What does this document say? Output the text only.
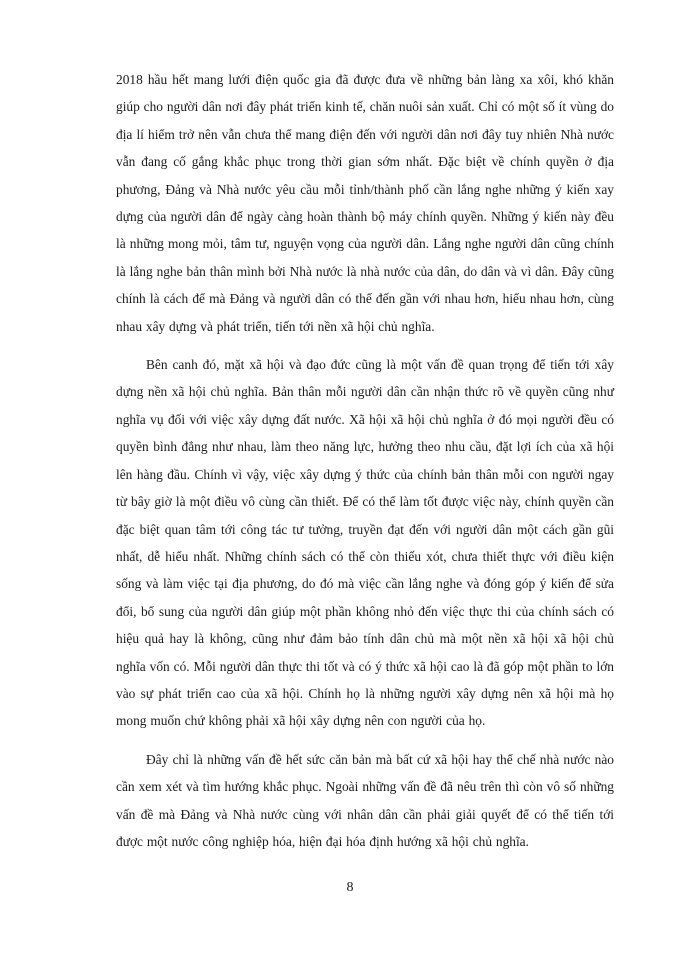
2018 hầu hết mang lưới điện quốc gia đã được đưa về những bản làng xa xôi, khó khăn giúp cho người dân nơi đây phát triển kinh tế, chăn nuôi sản xuất. Chỉ có một số ít vùng do địa lí hiểm trở nên vẫn chưa thể mang điện đến với người dân nơi đây tuy nhiên Nhà nước vẫn đang cố gắng khắc phục trong thời gian sớm nhất. Đặc biệt về chính quyền ở địa phương, Đảng và Nhà nước yêu cầu mỗi tỉnh/thành phố cần lắng nghe những ý kiến xay dựng của người dân để ngày càng hoàn thành bộ máy chính quyền. Những ý kiến này đều là những mong mỏi, tâm tư, nguyện vọng của người dân. Lắng nghe người dân cũng chính là lắng nghe bản thân mình bởi Nhà nước là nhà nước của dân, do dân và vì dân. Đây cũng chính là cách để mà Đảng và người dân có thể đến gần với nhau hơn, hiểu nhau hơn, cùng nhau xây dựng và phát triển, tiến tới nền xã hội chủ nghĩa.

Bên canh đó, mặt xã hội và đạo đức cũng là một vấn đề quan trọng để tiến tới xây dựng nền xã hội chủ nghĩa. Bản thân mỗi người dân cần nhận thức rõ về quyền cũng như nghĩa vụ đối với việc xây dựng đất nước. Xã hội xã hội chủ nghĩa ở đó mọi người đều có quyền bình đẳng như nhau, làm theo năng lực, hưởng theo nhu cầu, đặt lợi ích của xã hội lên hàng đầu. Chính vì vậy, việc xây dựng ý thức của chính bản thân mỗi con người ngay từ bây giờ là một điều vô cùng cần thiết. Để có thể làm tốt được việc này, chính quyền cần đặc biệt quan tâm tới công tác tư tưởng, truyền đạt đến với người dân một cách gần gũi nhất, dễ hiểu nhất. Những chính sách có thể còn thiếu xót, chưa thiết thực với điều kiện sống và làm việc tại địa phương, do đó mà việc cần lắng nghe và đóng góp ý kiến để sửa đổi, bổ sung của người dân giúp một phần không nhỏ đến việc thực thi của chính sách có hiệu quả hay là không, cũng như đảm bảo tính dân chủ mà một nền xã hội xã hội chủ nghĩa vốn có. Mỗi người dân thực thi tốt và có ý thức xã hội cao là đã góp một phần to lớn vào sự phát triển cao của xã hội. Chính họ là những người xây dựng nên xã hội mà họ mong muốn chứ không phải xã hội xây dựng nên con người của họ.

Đây chỉ là những vấn đề hết sức căn bản mà bất cứ xã hội hay thể chế nhà nước nào cần xem xét và tìm hướng khắc phục. Ngoài những vấn đề đã nêu trên thì còn vô số những vấn đề mà Đảng và Nhà nước cùng với nhân dân cần phải giải quyết để có thể tiến tới được một nước công nghiệp hóa, hiện đại hóa định hướng xã hội chủ nghĩa.

8
